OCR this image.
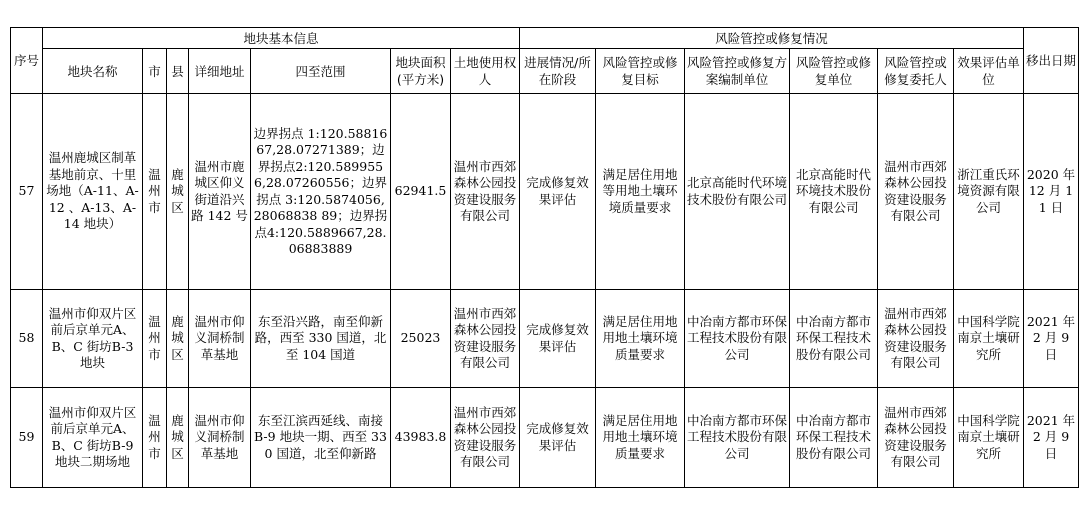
序号	地块基本信息							风险管控或修复情况						移出日期
	地块名称	市	县	详细地址	四至范围	地块面积(平方米)	土地使用权人	进展情况/所在阶段	风险管控或修复目标	风险管控或修复方案编制单位	风险管控或修复单位	风险管控或修复委托人	效果评估单位	
57	温州鹿城区制革基地前京、十里场地（A-11、A-12 、A-13、A-14 地块）	温州市	鹿城区	温州市鹿城区仰义街道沿兴路 142 号	边界拐点 1:120.5881667,28.07271389；边界拐点2:120.5899556,28.07260556；边界拐点 3:120.5874056,28068838 89；边界拐点4:120.5889667,28.06883889	62941.5	温州市西郊森林公园投资建设服务有限公司	完成修复效果评估	满足居住用地等用地土壤环境质量要求	北京高能时代环境技术股份有限公司	北京高能时代环境技术股份有限公司	温州市西郊森林公园投资建设服务有限公司	浙江重氏环境资源有限公司	2020 年12 月 11 日
58	温州市仰双片区前后京单元A、B、C 街坊B-3 地块	温州市	鹿城区	温州市仰义洞桥制革基地	东至沿兴路，南至仰新路，西至 330 国道，北至 104 国道	25023	温州市西郊森林公园投资建设服务有限公司	完成修复效果评估	满足居住用地用地土壤环境质量要求	中冶南方都市环保工程技术股份有限公司	中冶南方都市环保工程技术股份有限公司	温州市西郊森林公园投资建设服务有限公司	中国科学院南京土壤研究所	2021 年2 月 9 日
59	温州市仰双片区前后京单元A、B、C 街坊B-9 地块二期场地	温州市	鹿城区	温州市仰义洞桥制革基地	东至江滨西延线、南接 B-9 地块一期、西至 330 国道，北至仰新路	43983.8	温州市西郊森林公园投资建设服务有限公司	完成修复效果评估	满足居住用地用地土壤环境质量要求	中冶南方都市环保工程技术股份有限公司	中冶南方都市环保工程技术股份有限公司	温州市西郊森林公园投资建设服务有限公司	中国科学院南京土壤研究所	2021 年2 月 9 日
